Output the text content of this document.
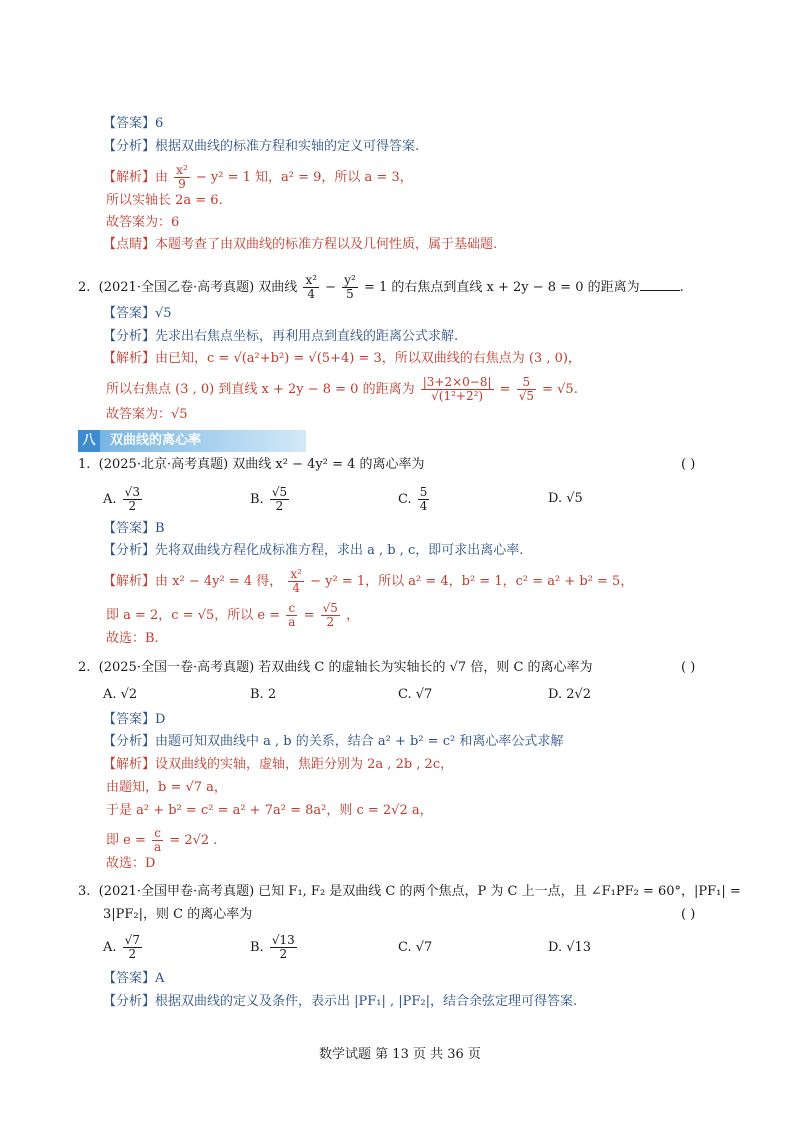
【答案】6
【分析】根据双曲线的标准方程和实轴的定义可得答案.
【解析】由 $\frac{\text{x²}}{9} - y^2 = 1$ 知，a² = 9，所以 a = 3，
所以实轴长 2a = 6.
故答案为：6
【点睛】本题考查了由双曲线的标准方程以及几何性质，属于基础题.
2. (2021·全国乙卷·高考真题) 双曲线 $\frac{\text{x²}}{4} - \frac{\text{y²}}{5} = 1$ 的右焦点到直线 x + 2y − 8 = 0 的距离为	.
【答案】√5
【分析】先求出右焦点坐标，再利用点到直线的距离公式求解.
【解析】由已知，c = √(a²+b²) = √(5+4) = 3，所以双曲线的右焦点为 (3 , 0)，
所以右焦点 (3 , 0) 到直线 x + 2y − 8 = 0 的距离为 $\frac{|3+2\times 0-8|}{\text{√(1²+2²)}} = \frac{5}{√5} = √5$.
故答案为：√5
八	双曲线的离心率
1. (2025·北京·高考真题) 双曲线 x² − 4y² = 4 的离心率为	( )
A. $\frac{√3}{2}$	B. $\frac{√5}{2}$	C. $\frac{5}{4}$	D. √5
【答案】B
【分析】先将双曲线方程化成标准方程，求出 a , b , c，即可求出离心率.
【解析】由 x² − 4y² = 4 得， $\frac{\text{x²}}{4} - y^2 = 1$，所以 a² = 4，b² = 1，c² = a² + b² = 5，
即 a = 2，c = √5，所以 $e = \frac{c}{a} = \frac{√5}{2}$ ，
故选：B.
2. (2025·全国一卷·高考真题) 若双曲线 C 的虚轴长为实轴长的 √7 倍，则 C 的离心率为	( )
A. √2	B. 2	C. √7	D. 2√2
【答案】D
【分析】由题可知双曲线中 a , b 的关系，结合 a² + b² = c² 和离心率公式求解
【解析】设双曲线的实轴，虚轴，焦距分别为 2a , 2b , 2c，
由题知，b = √7 a，
于是 a² + b² = c² = a² + 7a² = 8a²，则 c = 2√2 a，
即 $e = \frac{c}{a} = 2√2$ .
故选：D
3. (2021·全国甲卷·高考真题) 已知 F₁, F₂ 是双曲线 C 的两个焦点，P 为 C 上一点，且 ∠F₁PF₂ = 60°，|PF₁| =
3|PF₂|，则 C 的离心率为	( )
A. $\frac{√7}{2}$	B. $\frac{√13}{2}$	C. √7	D. √13
【答案】A
【分析】根据双曲线的定义及条件，表示出 |PF₁| , |PF₂|，结合余弦定理可得答案.
数学试题 第 13 页 共 36 页
